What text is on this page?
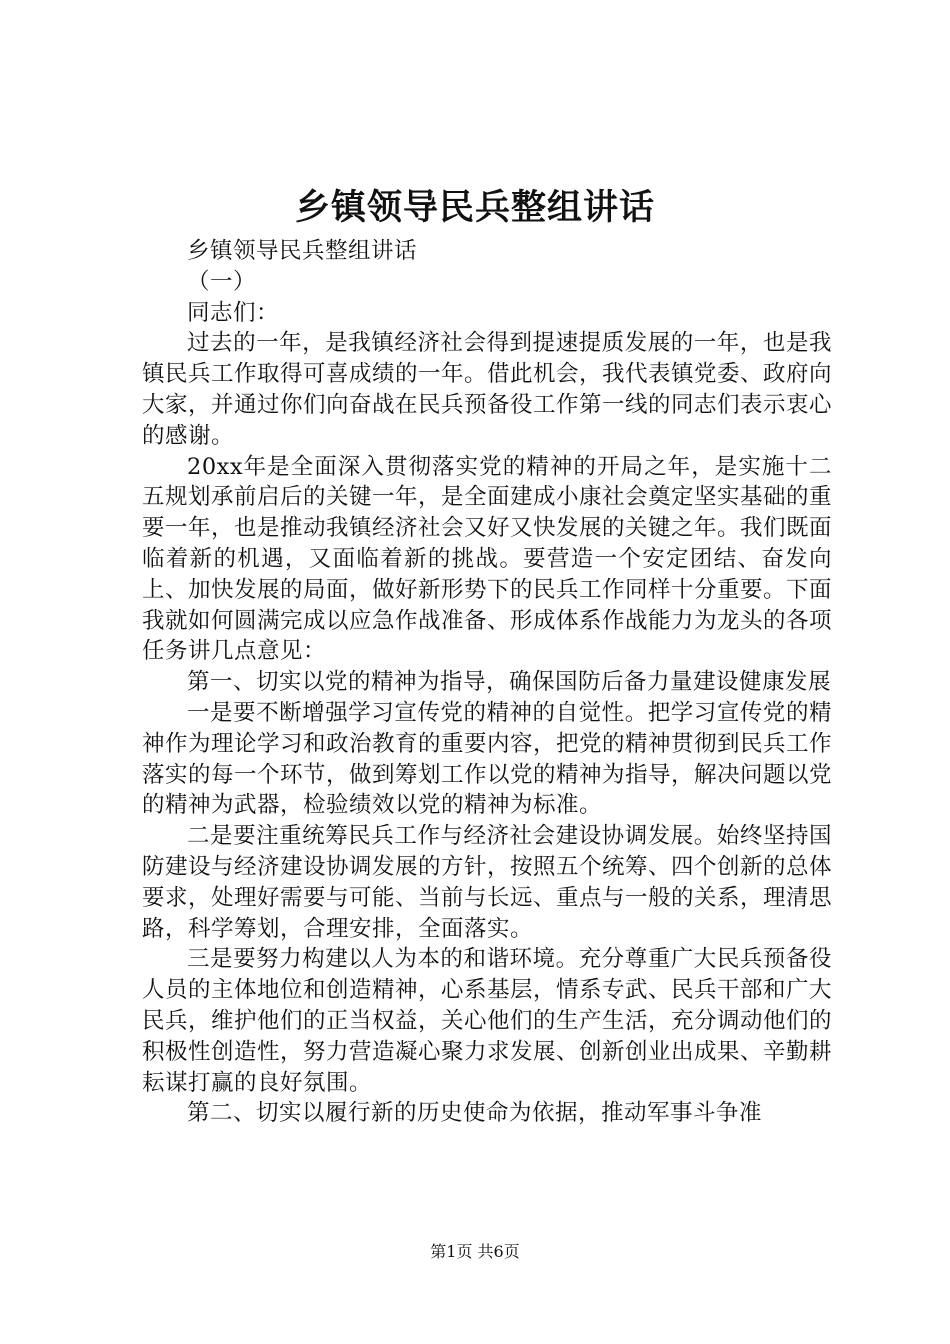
乡镇领导民兵整组讲话

乡镇领导民兵整组讲话

（一）

同志们：

过去的一年，是我镇经济社会得到提速提质发展的一年，也是我镇民兵工作取得可喜成绩的一年。借此机会，我代表镇党委、政府向大家，并通过你们向奋战在民兵预备役工作第一线的同志们表示衷心的感谢。

20xx年是全面深入贯彻落实党的精神的开局之年，是实施十二五规划承前启后的关键一年，是全面建成小康社会奠定坚实基础的重要一年，也是推动我镇经济社会又好又快发展的关键之年。我们既面临着新的机遇，又面临着新的挑战。要营造一个安定团结、奋发向上、加快发展的局面，做好新形势下的民兵工作同样十分重要。下面我就如何圆满完成以应急作战准备、形成体系作战能力为龙头的各项任务讲几点意见：

第一、切实以党的精神为指导，确保国防后备力量建设健康发展

一是要不断增强学习宣传党的精神的自觉性。把学习宣传党的精神作为理论学习和政治教育的重要内容，把党的精神贯彻到民兵工作落实的每一个环节，做到筹划工作以党的精神为指导，解决问题以党的精神为武器，检验绩效以党的精神为标准。

二是要注重统筹民兵工作与经济社会建设协调发展。始终坚持国防建设与经济建设协调发展的方针，按照五个统筹、四个创新的总体要求，处理好需要与可能、当前与长远、重点与一般的关系，理清思路，科学筹划，合理安排，全面落实。

三是要努力构建以人为本的和谐环境。充分尊重广大民兵预备役人员的主体地位和创造精神，心系基层，情系专武、民兵干部和广大民兵，维护他们的正当权益，关心他们的生产生活，充分调动他们的积极性创造性，努力营造凝心聚力求发展、创新创业出成果、辛勤耕耘谋打赢的良好氛围。

第二、切实以履行新的历史使命为依据，推动军事斗争准

第1页 共6页
